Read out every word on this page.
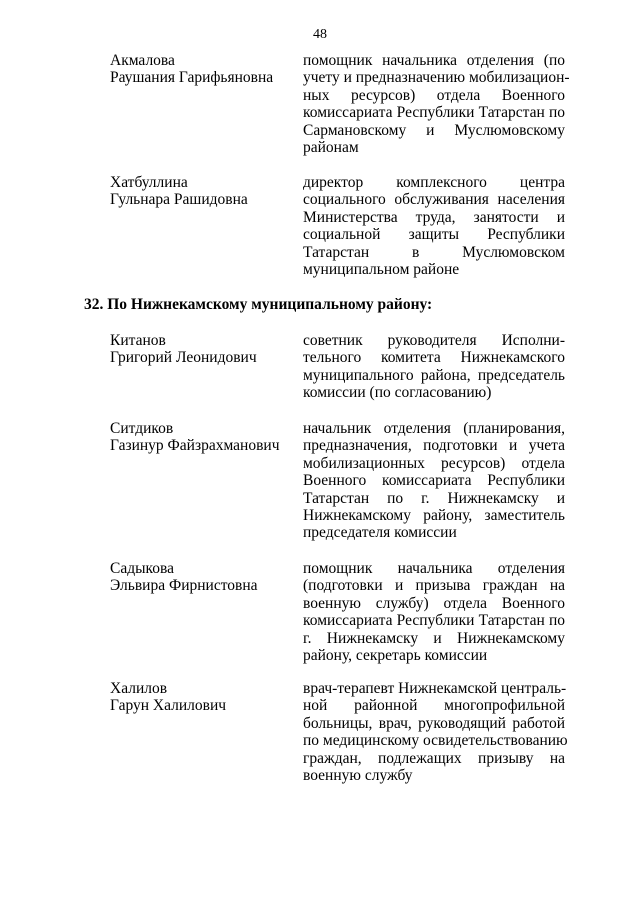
48
Акмалова
Раушания Гарифьяновна
помощник начальника отделения (по
учету и предназначению мобилизацион-
ных ресурсов) отдела Военного
комиссариата Республики Татарстан по
Сармановскому и Муслюмовскому
районам
Хатбуллина
Гульнара Рашидовна
директор комплексного центра
социального обслуживания населения
Министерства труда, занятости и
социальной защиты Республики
Татарстан в Муслюмовском
муниципальном районе
32. По Нижнекамскому муниципальному району:
Китанов
Григорий Леонидович
советник руководителя Исполни-
тельного комитета Нижнекамского
муниципального района, председатель
комиссии (по согласованию)
Ситдиков
Газинур Файзрахманович
начальник отделения (планирования,
предназначения, подготовки и учета
мобилизационных ресурсов) отдела
Военного комиссариата Республики
Татарстан по г. Нижнекамску и
Нижнекамскому району, заместитель
председателя комиссии
Садыкова
Эльвира Фирнистовна
помощник начальника отделения
(подготовки и призыва граждан на
военную службу) отдела Военного
комиссариата Республики Татарстан по
г. Нижнекамску и Нижнекамскому
району, секретарь комиссии
Халилов
Гарун Халилович
врач-терапевт Нижнекамской централь-
ной районной многопрофильной
больницы, врач, руководящий работой
по медицинскому освидетельствованию
граждан, подлежащих призыву на
военную службу
